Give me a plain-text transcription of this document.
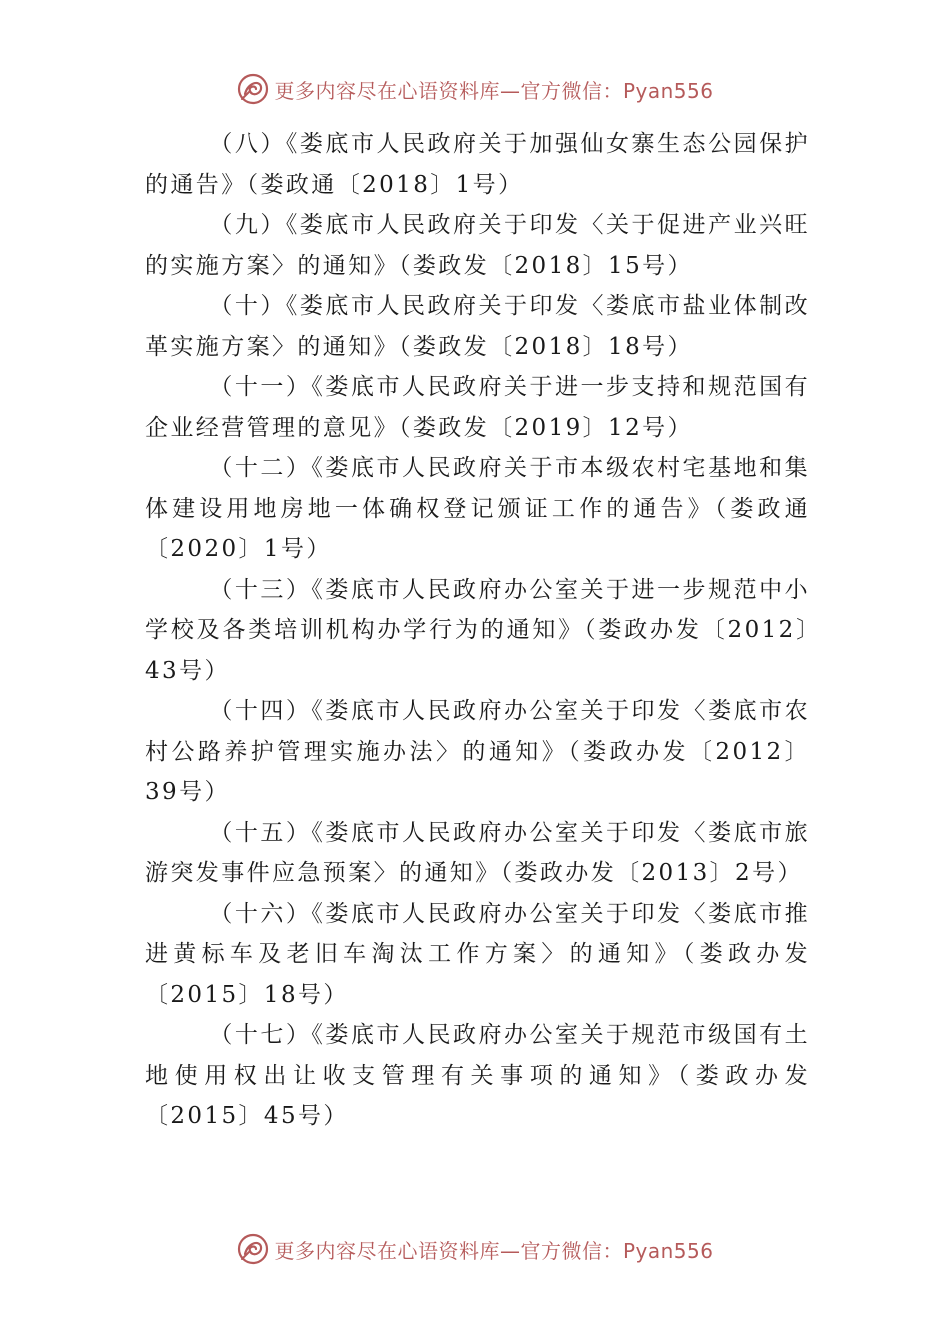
更多内容尽在心语资料库—官方微信：Pyan556

（八）《娄底市人民政府关于加强仙女寨生态公园保护的通告》（娄政通〔2018〕1号）

（九）《娄底市人民政府关于印发〈关于促进产业兴旺的实施方案〉的通知》（娄政发〔2018〕15号）

（十）《娄底市人民政府关于印发〈娄底市盐业体制改革实施方案〉的通知》（娄政发〔2018〕18号）

（十一）《娄底市人民政府关于进一步支持和规范国有企业经营管理的意见》（娄政发〔2019〕12号）

（十二）《娄底市人民政府关于市本级农村宅基地和集体建设用地房地一体确权登记颁证工作的通告》（娄政通〔2020〕1号）

（十三）《娄底市人民政府办公室关于进一步规范中小学校及各类培训机构办学行为的通知》（娄政办发〔2012〕43号）

（十四）《娄底市人民政府办公室关于印发〈娄底市农村公路养护管理实施办法〉的通知》（娄政办发〔2012〕39号）

（十五）《娄底市人民政府办公室关于印发〈娄底市旅游突发事件应急预案〉的通知》（娄政办发〔2013〕2号）

（十六）《娄底市人民政府办公室关于印发〈娄底市推进黄标车及老旧车淘汰工作方案〉的通知》（娄政办发〔2015〕18号）

（十七）《娄底市人民政府办公室关于规范市级国有土地使用权出让收支管理有关事项的通知》（娄政办发〔2015〕45号）

更多内容尽在心语资料库—官方微信：Pyan556
